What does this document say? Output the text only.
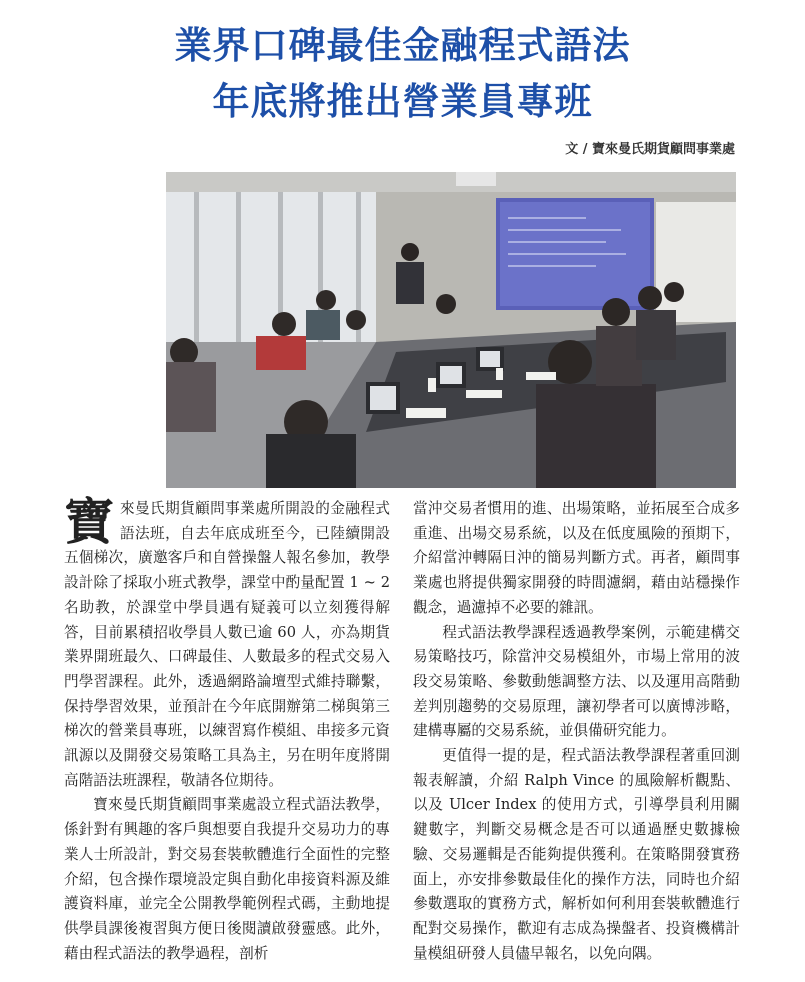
業界口碑最佳金融程式語法
年底將推出營業員專班
文 / 寶來曼氏期貨顧問事業處

寶來曼氏期貨顧問事業處所開設的金融程式語法班，自去年底成班至今，已陸續開設五個梯次，廣邀客戶和自營操盤人報名參加，教學設計除了採取小班式教學，課堂中酌量配置 1 ~ 2 名助教，於課堂中學員遇有疑義可以立刻獲得解答，目前累積招收學員人數已逾 60 人，亦為期貨業界開班最久、口碑最佳、人數最多的程式交易入門學習課程。此外，透過網路論壇型式維持聯繫，保持學習效果，並預計在今年底開辦第二梯與第三梯次的營業員專班，以練習寫作模組、串接多元資訊源以及開發交易策略工具為主，另在明年度將開高階語法班課程，敬請各位期待。

寶來曼氏期貨顧問事業處設立程式語法教學，係針對有興趣的客戶與想要自我提升交易功力的專業人士所設計，對交易套裝軟體進行全面性的完整介紹，包含操作環境設定與自動化串接資料源及維護資料庫，並完全公開教學範例程式碼，主動地提供學員課後複習與方便日後閱讀啟發靈感。此外，藉由程式語法的教學過程，剖析

當沖交易者慣用的進、出場策略，並拓展至合成多重進、出場交易系統，以及在低度風險的預期下，介紹當沖轉隔日沖的簡易判斷方式。再者，顧問事業處也將提供獨家開發的時間濾網，藉由站穩操作觀念，過濾掉不必要的雜訊。

程式語法教學課程透過教學案例，示範建構交易策略技巧，除當沖交易模組外，市場上常用的波段交易策略、參數動態調整方法、以及運用高階動差判別趨勢的交易原理，讓初學者可以廣博涉略，建構專屬的交易系統，並俱備研究能力。

更值得一提的是，程式語法教學課程著重回測報表解讀，介紹 Ralph Vince 的風險解析觀點、以及 Ulcer Index 的使用方式，引導學員利用關鍵數字，判斷交易概念是否可以通過歷史數據檢驗、交易邏輯是否能夠提供獲利。在策略開發實務面上，亦安排參數最佳化的操作方法，同時也介紹參數選取的實務方式，解析如何利用套裝軟體進行配對交易操作，歡迎有志成為操盤者、投資機構計量模組研發人員儘早報名，以免向隅。
